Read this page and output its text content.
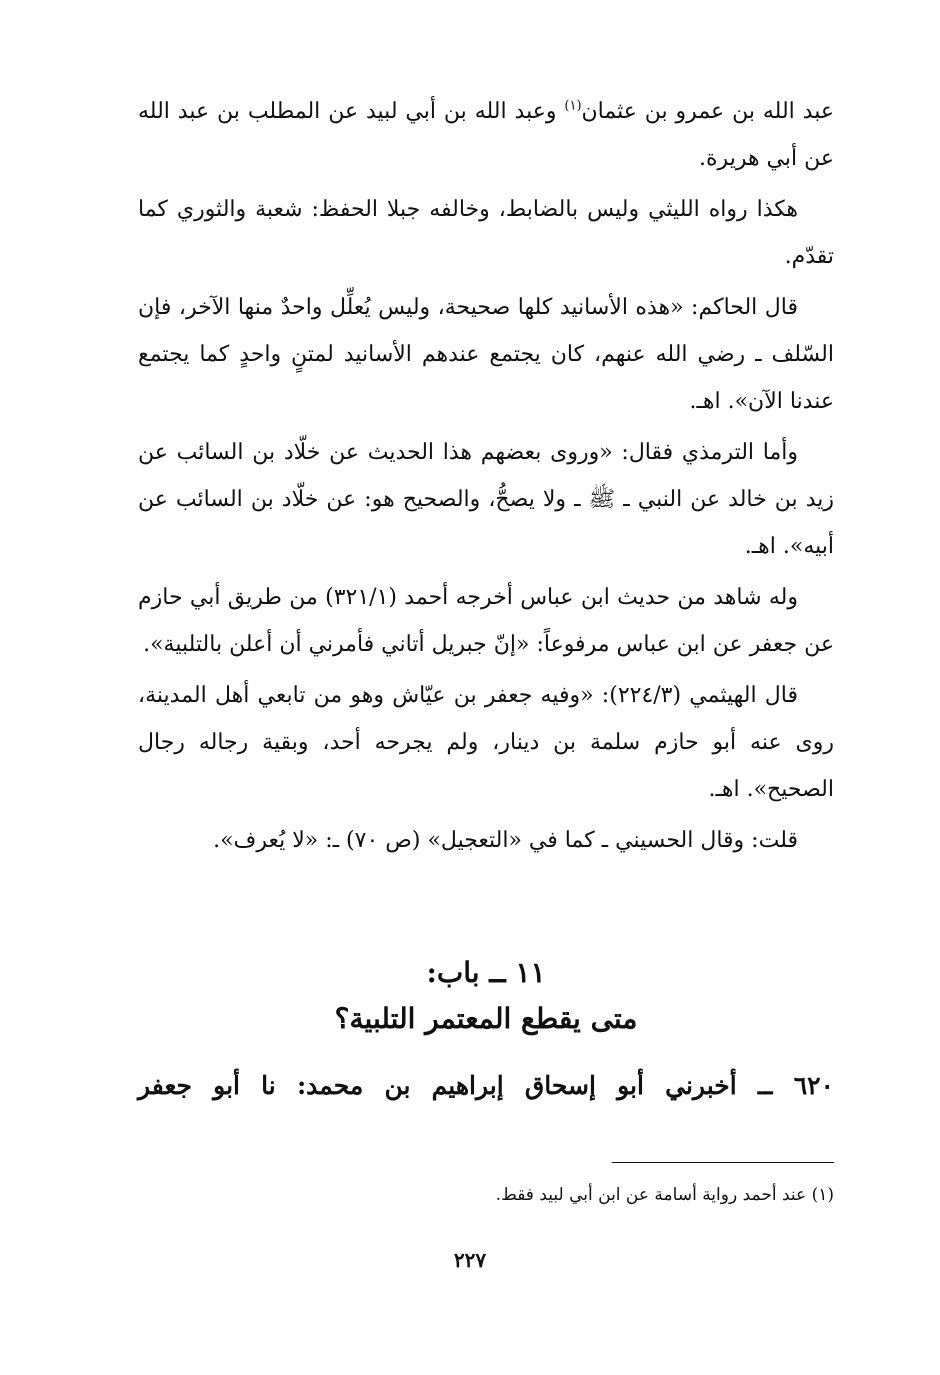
عبد الله بن عمرو بن عثمان$^{(١)}$ وعبد الله بن أبي لبيد عن المطلب بن عبد الله عن أبي هريرة.

هكذا رواه الليثي وليس بالضابط، وخالفه جبلا الحفظ: شعبة والثوري كما تقدّم.

قال الحاكم: «هذه الأسانيد كلها صحيحة، وليس يُعلِّل واحدٌ منها الآخر، فإن السّلف ـ رضي الله عنهم، كان يجتمع عندهم الأسانيد لمتنٍ واحدٍ كما يجتمع عندنا الآن». اهـ.

وأما الترمذي فقال: «وروى بعضهم هذا الحديث عن خلّاد بن السائب عن زيد بن خالد عن النبي ـ ﷺ ـ ولا يصحُّ، والصحيح هو: عن خلّاد بن السائب عن أبيه». اهـ.

وله شاهد من حديث ابن عباس أخرجه أحمد (٣٢١/١) من طريق أبي حازم عن جعفر عن ابن عباس مرفوعاً: «إنّ جبريل أتاني فأمرني أن أعلن بالتلبية».

قال الهيثمي (٢٢٤/٣): «وفيه جعفر بن عيّاش وهو من تابعي أهل المدينة، روى عنه أبو حازم سلمة بن دينار، ولم يجرحه أحد، وبقية رجاله رجال الصحيح». اهـ.

قلت: وقال الحسيني ـ كما في «التعجيل» (ص ٧٠) ـ: «لا يُعرف».

١١ ــ باب:

متى يقطع المعتمر التلبية؟

٦٢٠ ــ أخبرني أبو إسحاق إبراهيم بن محمد: نا أبو جعفر

(١) عند أحمد رواية أسامة عن ابن أبي لبيد فقط.

٢٢٧
